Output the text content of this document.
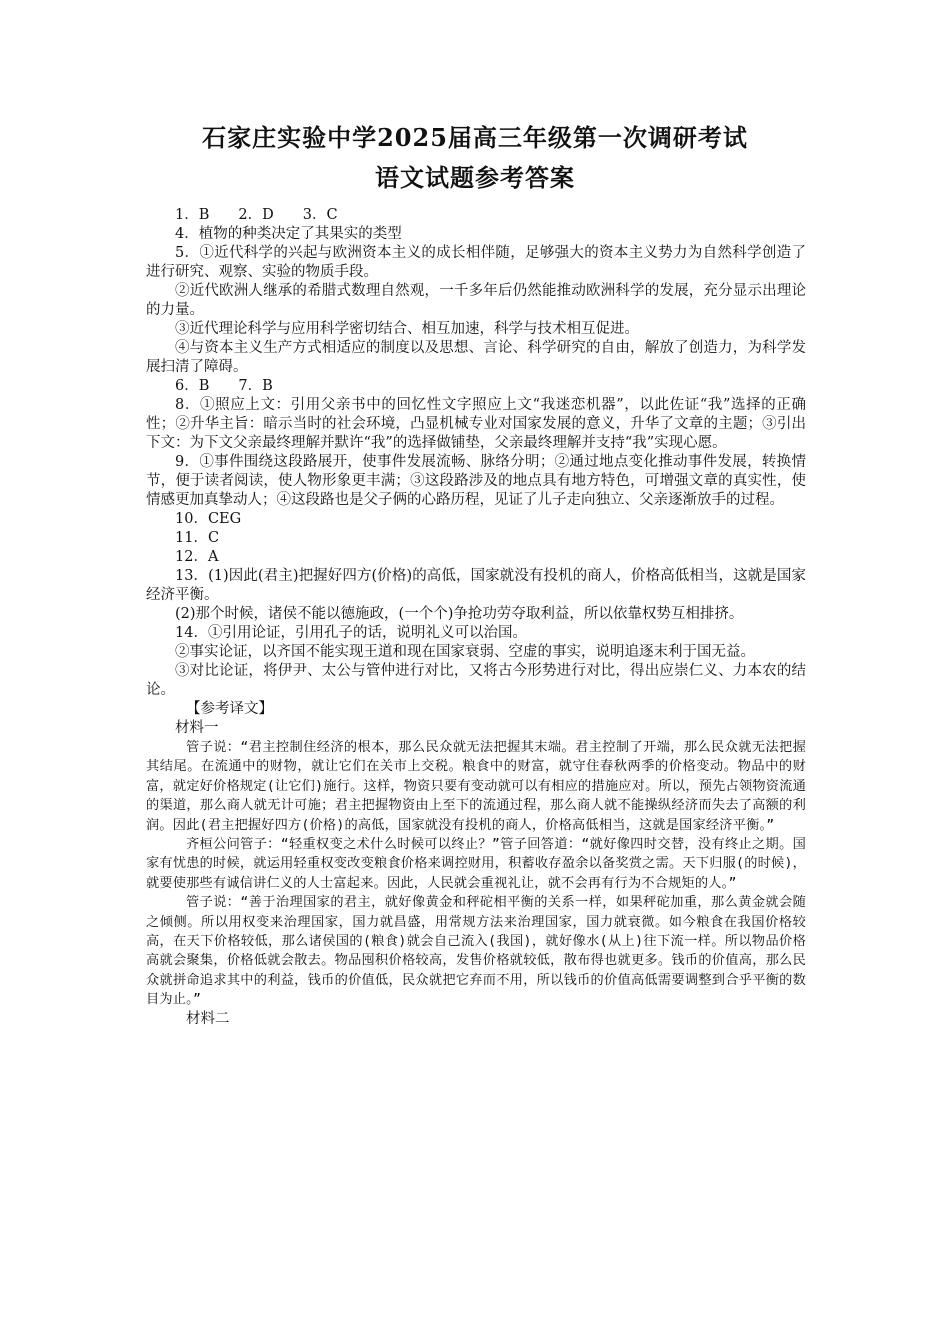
石家庄实验中学2025届高三年级第一次调研考试
语文试题参考答案

1．B　　2．D　　3．C

4．植物的种类决定了其果实的类型

5．①近代科学的兴起与欧洲资本主义的成长相伴随，足够强大的资本主义势力为自然科学创造了进行研究、观察、实验的物质手段。

②近代欧洲人继承的希腊式数理自然观，一千多年后仍然能推动欧洲科学的发展，充分显示出理论的力量。

③近代理论科学与应用科学密切结合、相互加速，科学与技术相互促进。

④与资本主义生产方式相适应的制度以及思想、言论、科学研究的自由，解放了创造力，为科学发展扫清了障碍。

6．B　　7．B

8．①照应上文：引用父亲书中的回忆性文字照应上文“我迷恋机器”，以此佐证“我”选择的正确性；②升华主旨：暗示当时的社会环境，凸显机械专业对国家发展的意义，升华了文章的主题；③引出下文：为下文父亲最终理解并默许“我”的选择做铺垫，父亲最终理解并支持“我”实现心愿。

9．①事件围绕这段路展开，使事件发展流畅、脉络分明；②通过地点变化推动事件发展，转换情节，便于读者阅读，使人物形象更丰满；③这段路涉及的地点具有地方特色，可增强文章的真实性，使情感更加真挚动人；④这段路也是父子俩的心路历程，见证了儿子走向独立、父亲逐渐放手的过程。

10．CEG

11．C

12．A

13．(1)因此(君主)把握好四方(价格)的高低，国家就没有投机的商人，价格高低相当，这就是国家经济平衡。

(2)那个时候，诸侯不能以德施政，(一个个)争抢功劳夺取利益，所以依靠权势互相排挤。

14．①引用论证，引用孔子的话，说明礼义可以治国。

②事实论证，以齐国不能实现王道和现在国家衰弱、空虚的事实，说明追逐末利于国无益。

③对比论证，将伊尹、太公与管仲进行对比，又将古今形势进行对比，得出应崇仁义、力本农的结论。

【参考译文】

材料一

管子说：“君主控制住经济的根本，那么民众就无法把握其末端。君主控制了开端，那么民众就无法把握其结尾。在流通中的财物，就让它们在关市上交税。粮食中的财富，就守住春秋两季的价格变动。物品中的财富，就定好价格规定(让它们)施行。这样，物资只要有变动就可以有相应的措施应对。所以，预先占领物资流通的渠道，那么商人就无计可施；君主把握物资由上至下的流通过程，那么商人就不能操纵经济而失去了高额的利润。因此(君主把握好四方(价格)的高低，国家就没有投机的商人，价格高低相当，这就是国家经济平衡。”

齐桓公问管子：“轻重权变之术什么时候可以终止？”管子回答道：“就好像四时交替，没有终止之期。国家有忧患的时候，就运用轻重权变改变粮食价格来调控财用，积蓄收存盈余以备奖赏之需。天下归服(的时候)，就要使那些有诚信讲仁义的人士富起来。因此，人民就会重视礼让，就不会再有行为不合规矩的人。”

管子说：“善于治理国家的君主，就好像黄金和秤砣相平衡的关系一样，如果秤砣加重，那么黄金就会随之倾侧。所以用权变来治理国家，国力就昌盛，用常规方法来治理国家，国力就衰微。如今粮食在我国价格较高，在天下价格较低，那么诸侯国的(粮食)就会自己流入(我国)，就好像水(从上)往下流一样。所以物品价格高就会聚集，价格低就会散去。物品囤积价格较高，发售价格就较低，散布得也就更多。钱币的价值高，那么民众就拼命追求其中的利益，钱币的价值低，民众就把它弃而不用，所以钱币的价值高低需要调整到合乎平衡的数目为止。”

材料二
